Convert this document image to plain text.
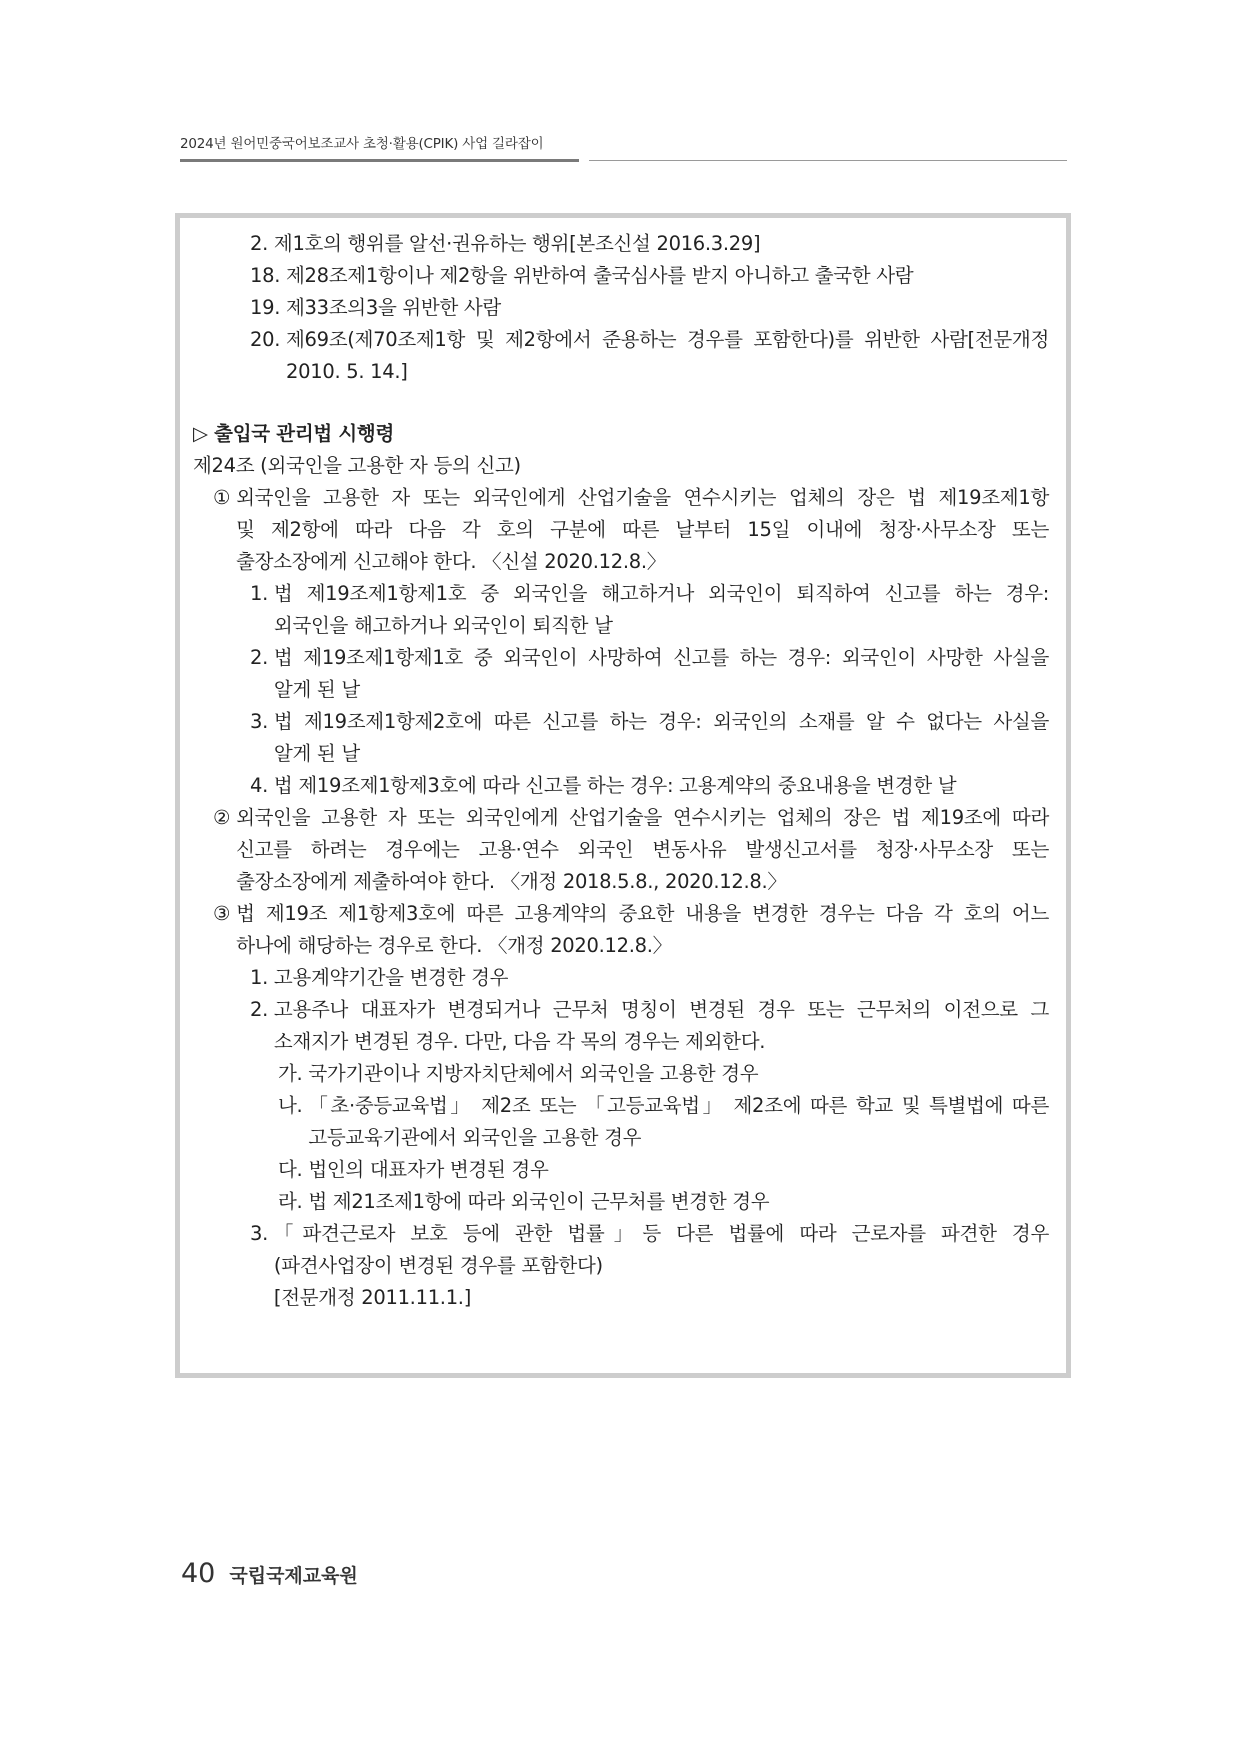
2024년 원어민중국어보조교사 초청·활용(CPIK) 사업 길라잡이
2. 제1호의 행위를 알선·권유하는 행위[본조신설 2016.3.29]
18. 제28조제1항이나 제2항을 위반하여 출국심사를 받지 아니하고 출국한 사람
19. 제33조의3을 위반한 사람
20. 제69조(제70조제1항 및 제2항에서 준용하는 경우를 포함한다)를 위반한 사람[전문개정
2010. 5. 14.]
▷ 출입국 관리법 시행령
제24조 (외국인을 고용한 자 등의 신고)
① 외국인을 고용한 자 또는 외국인에게 산업기술을 연수시키는 업체의 장은 법 제19조제1항
및 제2항에 따라 다음 각 호의 구분에 따른 날부터 15일 이내에 청장·사무소장 또는
출장소장에게 신고해야 한다. 〈신설 2020.12.8.〉
1. 법 제19조제1항제1호 중 외국인을 해고하거나 외국인이 퇴직하여 신고를 하는 경우:
외국인을 해고하거나 외국인이 퇴직한 날
2. 법 제19조제1항제1호 중 외국인이 사망하여 신고를 하는 경우: 외국인이 사망한 사실을
알게 된 날
3. 법 제19조제1항제2호에 따른 신고를 하는 경우: 외국인의 소재를 알 수 없다는 사실을
알게 된 날
4. 법 제19조제1항제3호에 따라 신고를 하는 경우: 고용계약의 중요내용을 변경한 날
② 외국인을 고용한 자 또는 외국인에게 산업기술을 연수시키는 업체의 장은 법 제19조에 따라
신고를 하려는 경우에는 고용·연수 외국인 변동사유 발생신고서를 청장·사무소장 또는
출장소장에게 제출하여야 한다. 〈개정 2018.5.8., 2020.12.8.〉
③ 법 제19조 제1항제3호에 따른 고용계약의 중요한 내용을 변경한 경우는 다음 각 호의 어느
하나에 해당하는 경우로 한다. 〈개정 2020.12.8.〉
1. 고용계약기간을 변경한 경우
2. 고용주나 대표자가 변경되거나 근무처 명칭이 변경된 경우 또는 근무처의 이전으로 그
소재지가 변경된 경우. 다만, 다음 각 목의 경우는 제외한다.
가. 국가기관이나 지방자치단체에서 외국인을 고용한 경우
나. 「초·중등교육법」 제2조 또는 「고등교육법」 제2조에 따른 학교 및 특별법에 따른
고등교육기관에서 외국인을 고용한 경우
다. 법인의 대표자가 변경된 경우
라. 법 제21조제1항에 따라 외국인이 근무처를 변경한 경우
3. 「파견근로자 보호 등에 관한 법률」등 다른 법률에 따라 근로자를 파견한 경우
(파견사업장이 변경된 경우를 포함한다)
[전문개정 2011.11.1.]
40 국립국제교육원
